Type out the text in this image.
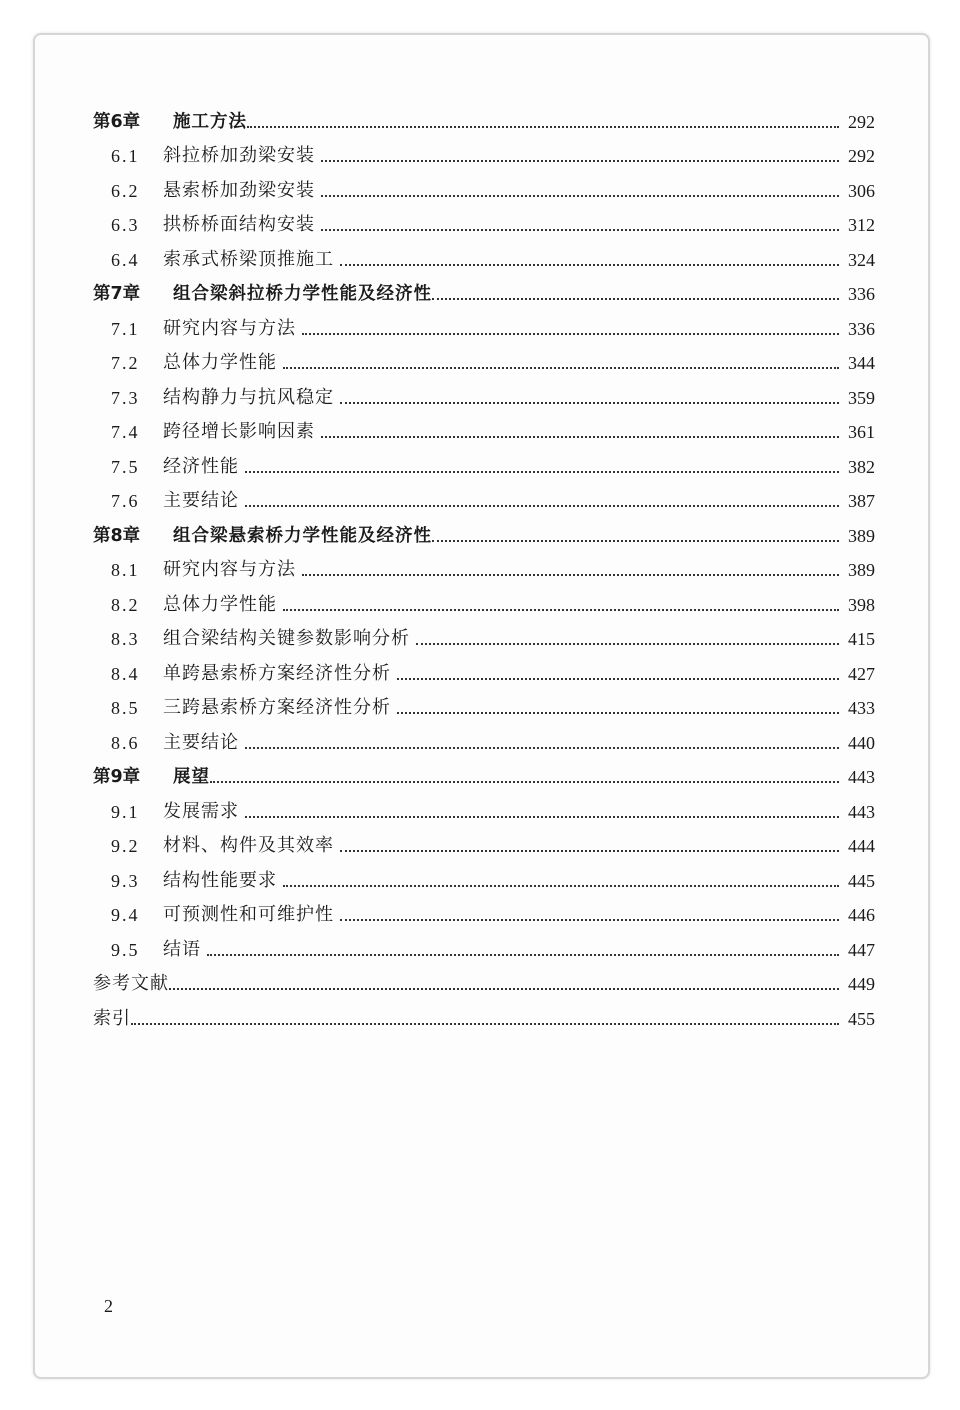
第6章	施工方法	292
6.1	斜拉桥加劲梁安装	292
6.2	悬索桥加劲梁安装	306
6.3	拱桥桥面结构安装	312
6.4	索承式桥梁顶推施工	324
第7章	组合梁斜拉桥力学性能及经济性	336
7.1	研究内容与方法	336
7.2	总体力学性能	344
7.3	结构静力与抗风稳定	359
7.4	跨径增长影响因素	361
7.5	经济性能	382
7.6	主要结论	387
第8章	组合梁悬索桥力学性能及经济性	389
8.1	研究内容与方法	389
8.2	总体力学性能	398
8.3	组合梁结构关键参数影响分析	415
8.4	单跨悬索桥方案经济性分析	427
8.5	三跨悬索桥方案经济性分析	433
8.6	主要结论	440
第9章	展望	443
9.1	发展需求	443
9.2	材料、构件及其效率	444
9.3	结构性能要求	445
9.4	可预测性和可维护性	446
9.5	结语	447
参考文献	449
索引	455
2
